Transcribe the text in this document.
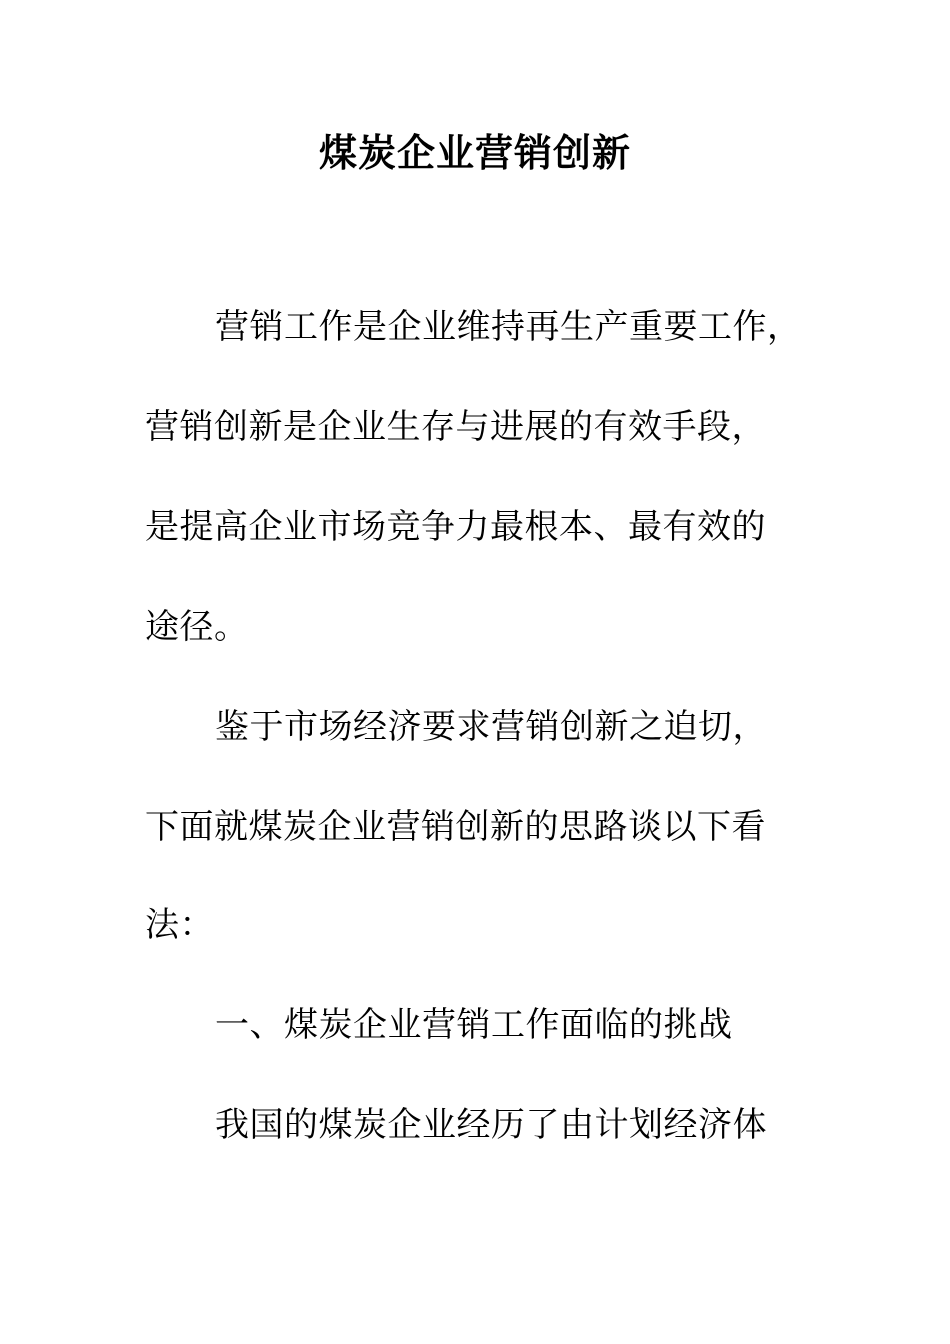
煤炭企业营销创新

营销工作是企业维持再生产重要工作，

营销创新是企业生存与进展的有效手段，

是提高企业市场竞争力最根本、最有效的

途径。

鉴于市场经济要求营销创新之迫切，

下面就煤炭企业营销创新的思路谈以下看

法：

一、煤炭企业营销工作面临的挑战

我国的煤炭企业经历了由计划经济体
